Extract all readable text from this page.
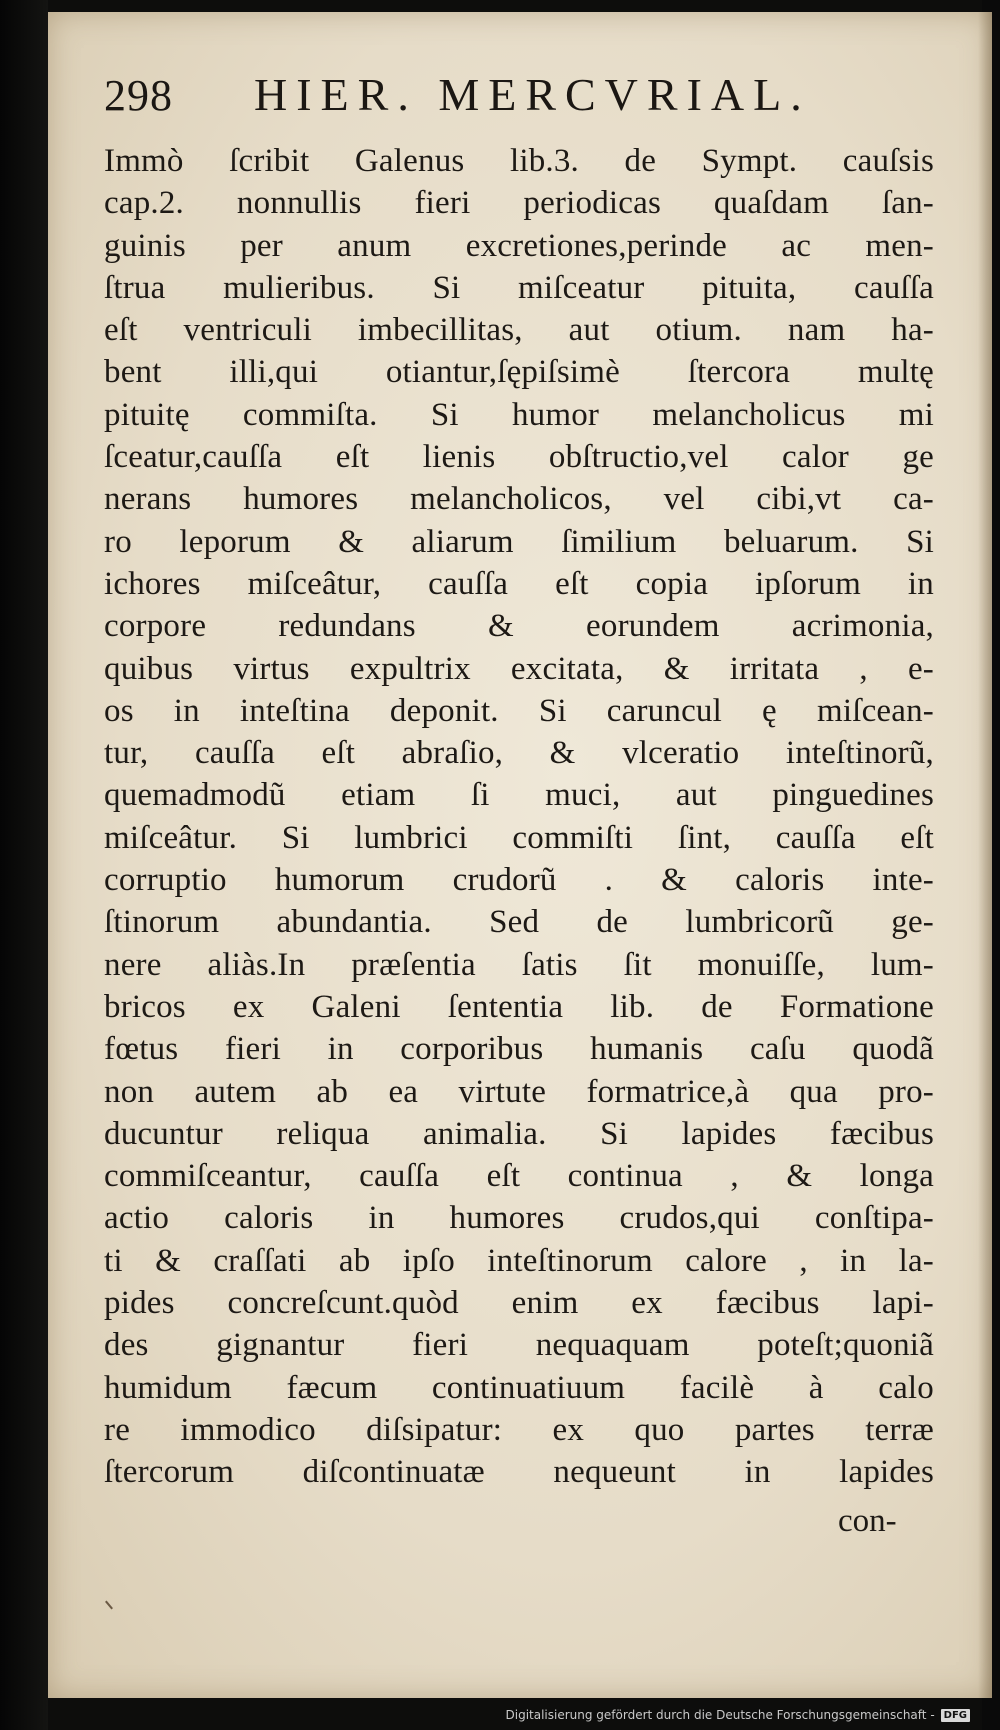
298	HIER. MERCVRIAL.
Immò ſcribit Galenus lib.3. de Sympt. cauſsis
cap.2. nonnullis fieri periodicas quaſdam ſan-
guinis per anum excretiones,perinde ac men-
ſtrua mulieribus. Si miſceatur pituita, cauſſa
eſt ventriculi imbecillitas, aut otium. nam ha-
bent illi,qui otiantur,ſępiſsimè ſtercora multę
pituitę commiſta. Si humor melancholicus mi
ſceatur,cauſſa eſt lienis obſtructio,vel calor ge
nerans humores melancholicos, vel cibi,vt ca-
ro leporum & aliarum ſimilium beluarum. Si
ichores miſceâtur, cauſſa eſt copia ipſorum in
corpore redundans & eorundem acrimonia,
quibus virtus expultrix excitata, & irritata , e-
os in inteſtina deponit. Si caruncul ę miſcean-
tur, cauſſa eſt abraſio, & vlceratio inteſtinorũ,
quemadmodũ etiam ſi muci, aut pinguedines
miſceâtur. Si lumbrici commiſti ſint, cauſſa eſt
corruptio humorum crudorũ . & caloris inte-
ſtinorum abundantia. Sed de lumbricorũ ge-
nere aliàs.In præſentia ſatis ſit monuiſſe, lum-
bricos ex Galeni ſententia lib. de Formatione
fœtus fieri in corporibus humanis caſu quodã
non autem ab ea virtute formatrice,à qua pro-
ducuntur reliqua animalia. Si lapides fæcibus
commiſceantur, cauſſa eſt continua , & longa
actio caloris in humores crudos,qui conſtipa-
ti & craſſati ab ipſo inteſtinorum calore , in la-
pides concreſcunt.quòd enim ex fæcibus lapi-
des gignantur fieri nequaquam poteſt;quoniã
humidum fæcum continuatiuum facilè à calo
re immodico diſsipatur: ex quo partes terræ
ſtercorum diſcontinuatæ nequeunt in lapides
con-
Digitalisierung gefördert durch die Deutsche Forschungsgemeinschaft - DFG
